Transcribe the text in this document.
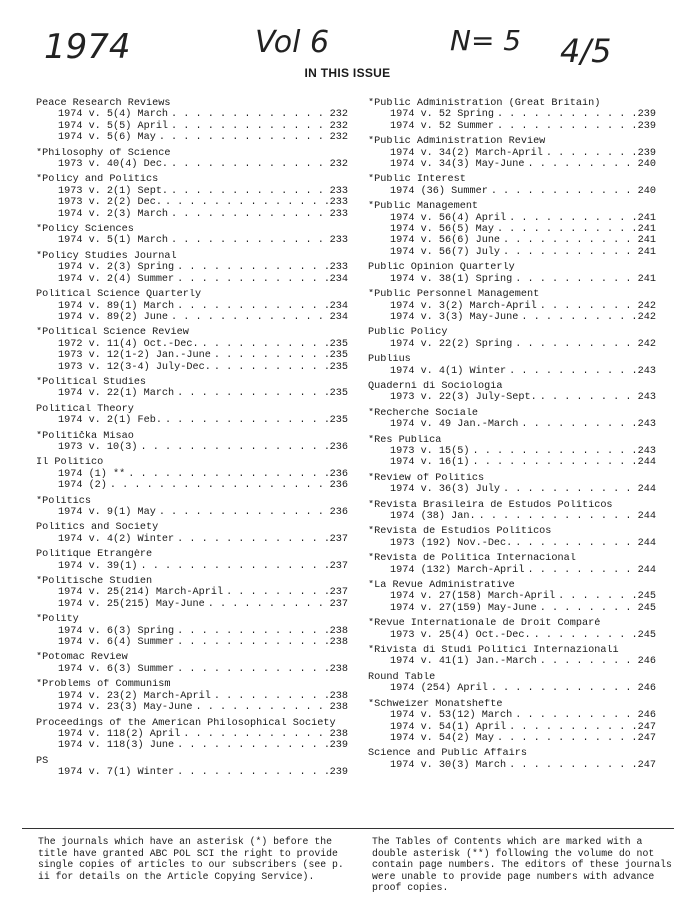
1974	Vol 6	N= 5 4/5
IN THIS ISSUE
Peace Research Reviews
1974 v. 5(4) March . . .	232
1974 v. 5(5) April . . .	232
1974 v. 5(6) May . . .	232
*Philosophy of Science
1973 v. 40(4) Dec. . . .	232
*Policy and Politics
1973 v. 2(1) Sept. . . .	233
1973 v. 2(2) Dec. . . .	233
1974 v. 2(3) March . . .	233
*Policy Sciences
1974 v. 5(1) March . . .	233
*Policy Studies Journal
1974 v. 2(3) Spring . . .	233
1974 v. 2(4) Summer . . .	234
Political Science Quarterly
1974 v. 89(1) March . . .	234
1974 v. 89(2) June . . .	234
*Political Science Review
1972 v. 11(4) Oct.-Dec. . . .	235
1973 v. 12(1-2) Jan.-June . . .	235
1973 v. 12(3-4) July-Dec. . . .	235
*Political Studies
1974 v. 22(1) March . . .	235
Political Theory
1974 v. 2(1) Feb. . . .	235
*Politička Misao
1973 v. 10(3) . . .	236
Il Politico
1974 (1) ** . . .	236
1974 (2) . . .	236
*Politics
1974 v. 9(1) May . . .	236
Politics and Society
1974 v. 4(2) Winter . . .	237
Politique Etrangère
1974 v. 39(1) . . .	237
*Politische Studien
1974 v. 25(214) March-April . . .	237
1974 v. 25(215) May-June . . .	237
*Polity
1974 v. 6(3) Spring . . .	238
1974 v. 6(4) Summer . . .	238
*Potomac Review
1974 v. 6(3) Summer . . .	238
*Problems of Communism
1974 v. 23(2) March-April . . .	238
1974 v. 23(3) May-June . . .	238
Proceedings of the American Philosophical Society
1974 v. 118(2) April . . .	238
1974 v. 118(3) June . . .	239
PS
1974 v. 7(1) Winter . . .	239
*Public Administration (Great Britain)
1974 v. 52 Spring . . .	239
1974 v. 52 Summer . . .	239
*Public Administration Review
1974 v. 34(2) March-April . . .	239
1974 v. 34(3) May-June . . .	240
*Public Interest
1974 (36) Summer . . .	240
*Public Management
1974 v. 56(4) April . . .	241
1974 v. 56(5) May . . .	241
1974 v. 56(6) June . . .	241
1974 v. 56(7) July . . .	241
Public Opinion Quarterly
1974 v. 38(1) Spring . . .	241
*Public Personnel Management
1974 v. 3(2) March-April . . .	242
1974 v. 3(3) May-June . . .	242
Public Policy
1974 v. 22(2) Spring . . .	242
Publius
1974 v. 4(1) Winter . . .	243
Quaderni di Sociologia
1973 v. 22(3) July-Sept. . . .	243
*Recherche Sociale
1974 v. 49 Jan.-March . . .	243
*Res Publica
1973 v. 15(5) . . .	243
1974 v. 16(1) . . .	244
*Review of Politics
1974 v. 36(3) July . . .	244
*Revista Brasileira de Estudos Políticos
1974 (38) Jan. . . .	244
*Revista de Estudios Políticos
1973 (192) Nov.-Dec. . . .	244
*Revista de Política Internacional
1974 (132) March-April . . .	244
*La Revue Administrative
1974 v. 27(158) March-April . . .	245
1974 v. 27(159) May-June . . .	245
*Revue Internationale de Droit Comparé
1973 v. 25(4) Oct.-Dec. . . .	245
*Rivista di Studi Politici Internazionali
1974 v. 41(1) Jan.-March . . .	246
Round Table
1974 (254) April . . .	246
*Schweizer Monatshefte
1974 v. 53(12) March . . .	246
1974 v. 54(1) April . . .	247
1974 v. 54(2) May . . .	247
Science and Public Affairs
1974 v. 30(3) March . . .	247
The journals which have an asterisk (*) before the title have granted ABC POL SCI the right to provide single copies of articles to our subscribers (see p. ii for details on the Article Copying Service).
The Tables of Contents which are marked with a double asterisk (**) following the volume do not contain page numbers. The editors of these journals were unable to provide page numbers with advance proof copies.
